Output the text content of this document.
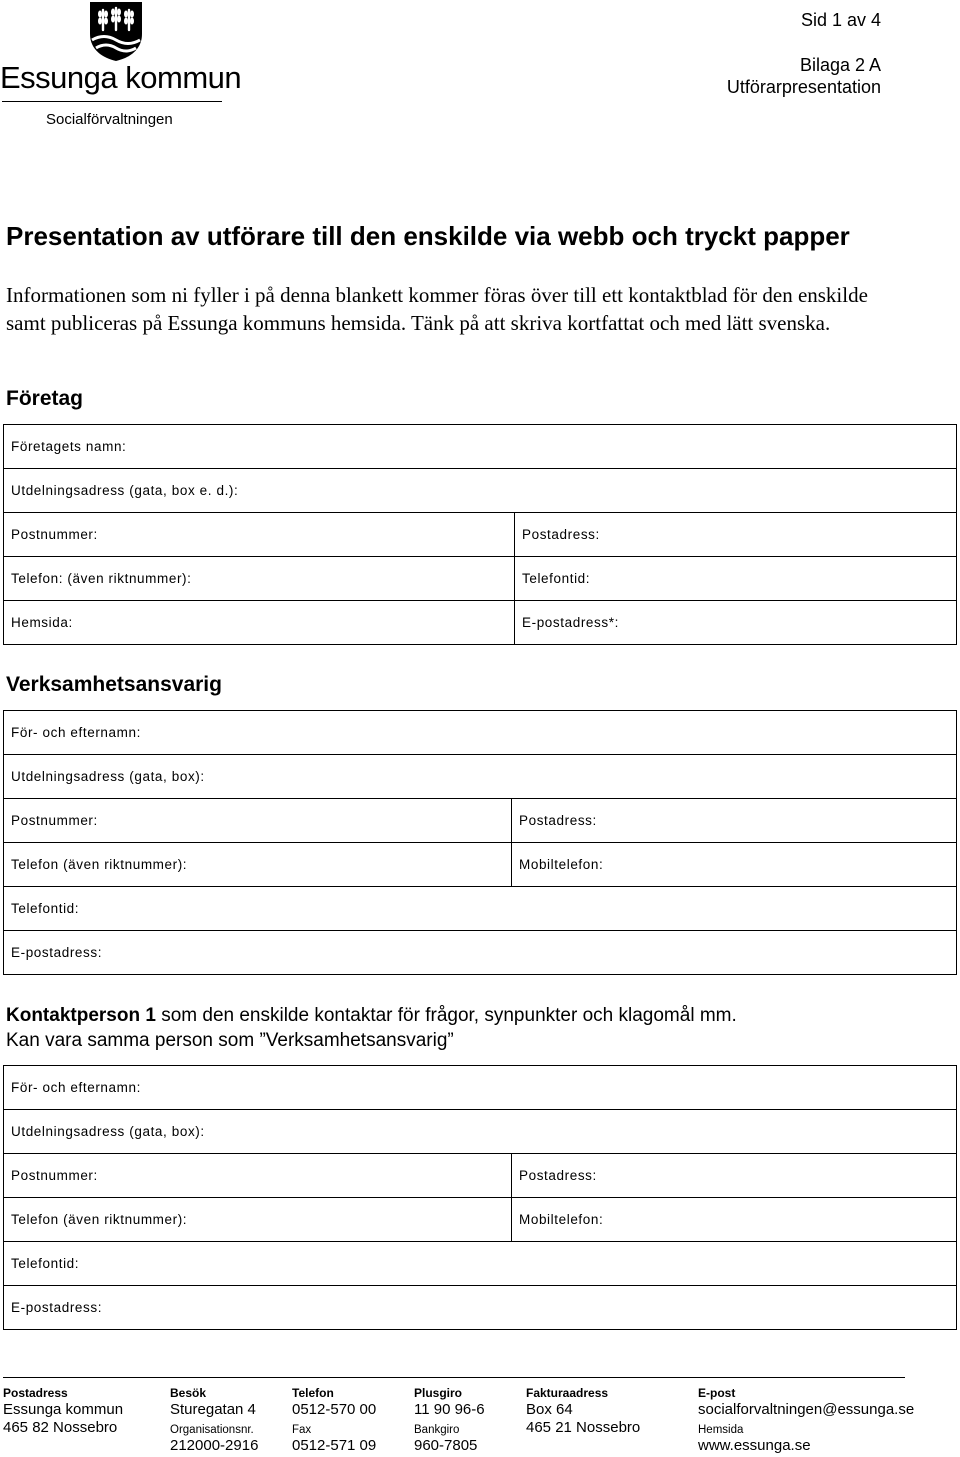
Essunga kommun
Socialförvaltningen
Sid 1 av 4
Bilaga 2 A
Utförarpresentation
Presentation av utförare till den enskilde via webb och tryckt papper

Informationen som ni fyller i på denna blankett kommer föras över till ett kontaktblad för den enskilde samt publiceras på Essunga kommuns hemsida. Tänk på att skriva kortfattat och med lätt svenska.

Företag
Företagets namn:	
Utdelningsadress (gata, box e. d.):	
Postnummer:	Postadress:
Telefon: (även riktnummer):	Telefontid:
Hemsida:	E-postadress*:
Verksamhetsansvarig
För- och efternamn:	
Utdelningsadress (gata, box):	
Postnummer:	Postadress:
Telefon (även riktnummer):	Mobiltelefon:
Telefontid:	
E-postadress:	
Kontaktperson 1 som den enskilde kontaktar för frågor, synpunkter och klagomål mm.
Kan vara samma person som ”Verksamhetsansvarig”
För- och efternamn:	
Utdelningsadress (gata, box):	
Postnummer:	Postadress:
Telefon (även riktnummer):	Mobiltelefon:
Telefontid:	
E-postadress:	
Postadress
Essunga kommun
465 82 Nossebro
Besök
Sturegatan 4
Organisationsnr.
212000-2916
Telefon
0512-570 00
Fax
0512-571 09
Plusgiro
11 90 96-6
Bankgiro
960-7805
Fakturaadress
Box 64
465 21 Nossebro
E-post
socialforvaltningen@essunga.se
Hemsida
www.essunga.se
